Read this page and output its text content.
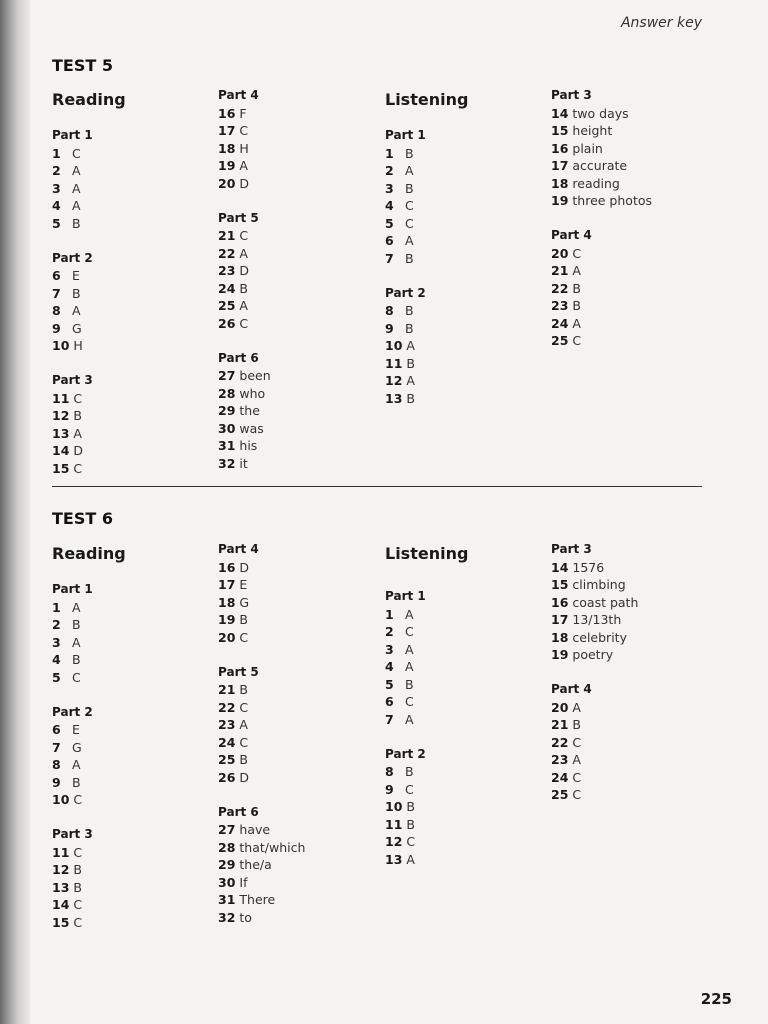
Answer key
TEST 5
Reading
Part 1
1 C
2 A
3 A
4 A
5 B
Part 2
6 E
7 B
8 A
9 G
10 H
Part 3
11 C
12 B
13 A
14 D
15 C
Part 4
16 F
17 C
18 H
19 A
20 D
Part 5
21 C
22 A
23 D
24 B
25 A
26 C
Part 6
27 been
28 who
29 the
30 was
31 his
32 it
Listening
Part 1
1 B
2 A
3 B
4 C
5 C
6 A
7 B
Part 2
8 B
9 B
10 A
11 B
12 A
13 B
Part 3
14 two days
15 height
16 plain
17 accurate
18 reading
19 three photos
Part 4
20 C
21 A
22 B
23 B
24 A
25 C
TEST 6
Reading
Part 1
1 A
2 B
3 A
4 B
5 C
Part 2
6 E
7 G
8 A
9 B
10 C
Part 3
11 C
12 B
13 B
14 C
15 C
Part 4
16 D
17 E
18 G
19 B
20 C
Part 5
21 B
22 C
23 A
24 C
25 B
26 D
Part 6
27 have
28 that/which
29 the/a
30 If
31 There
32 to
Listening
Part 1
1 A
2 C
3 A
4 A
5 B
6 C
7 A
Part 2
8 B
9 C
10 B
11 B
12 C
13 A
Part 3
14 1576
15 climbing
16 coast path
17 13/13th
18 celebrity
19 poetry
Part 4
20 A
21 B
22 C
23 A
24 C
25 C
225
